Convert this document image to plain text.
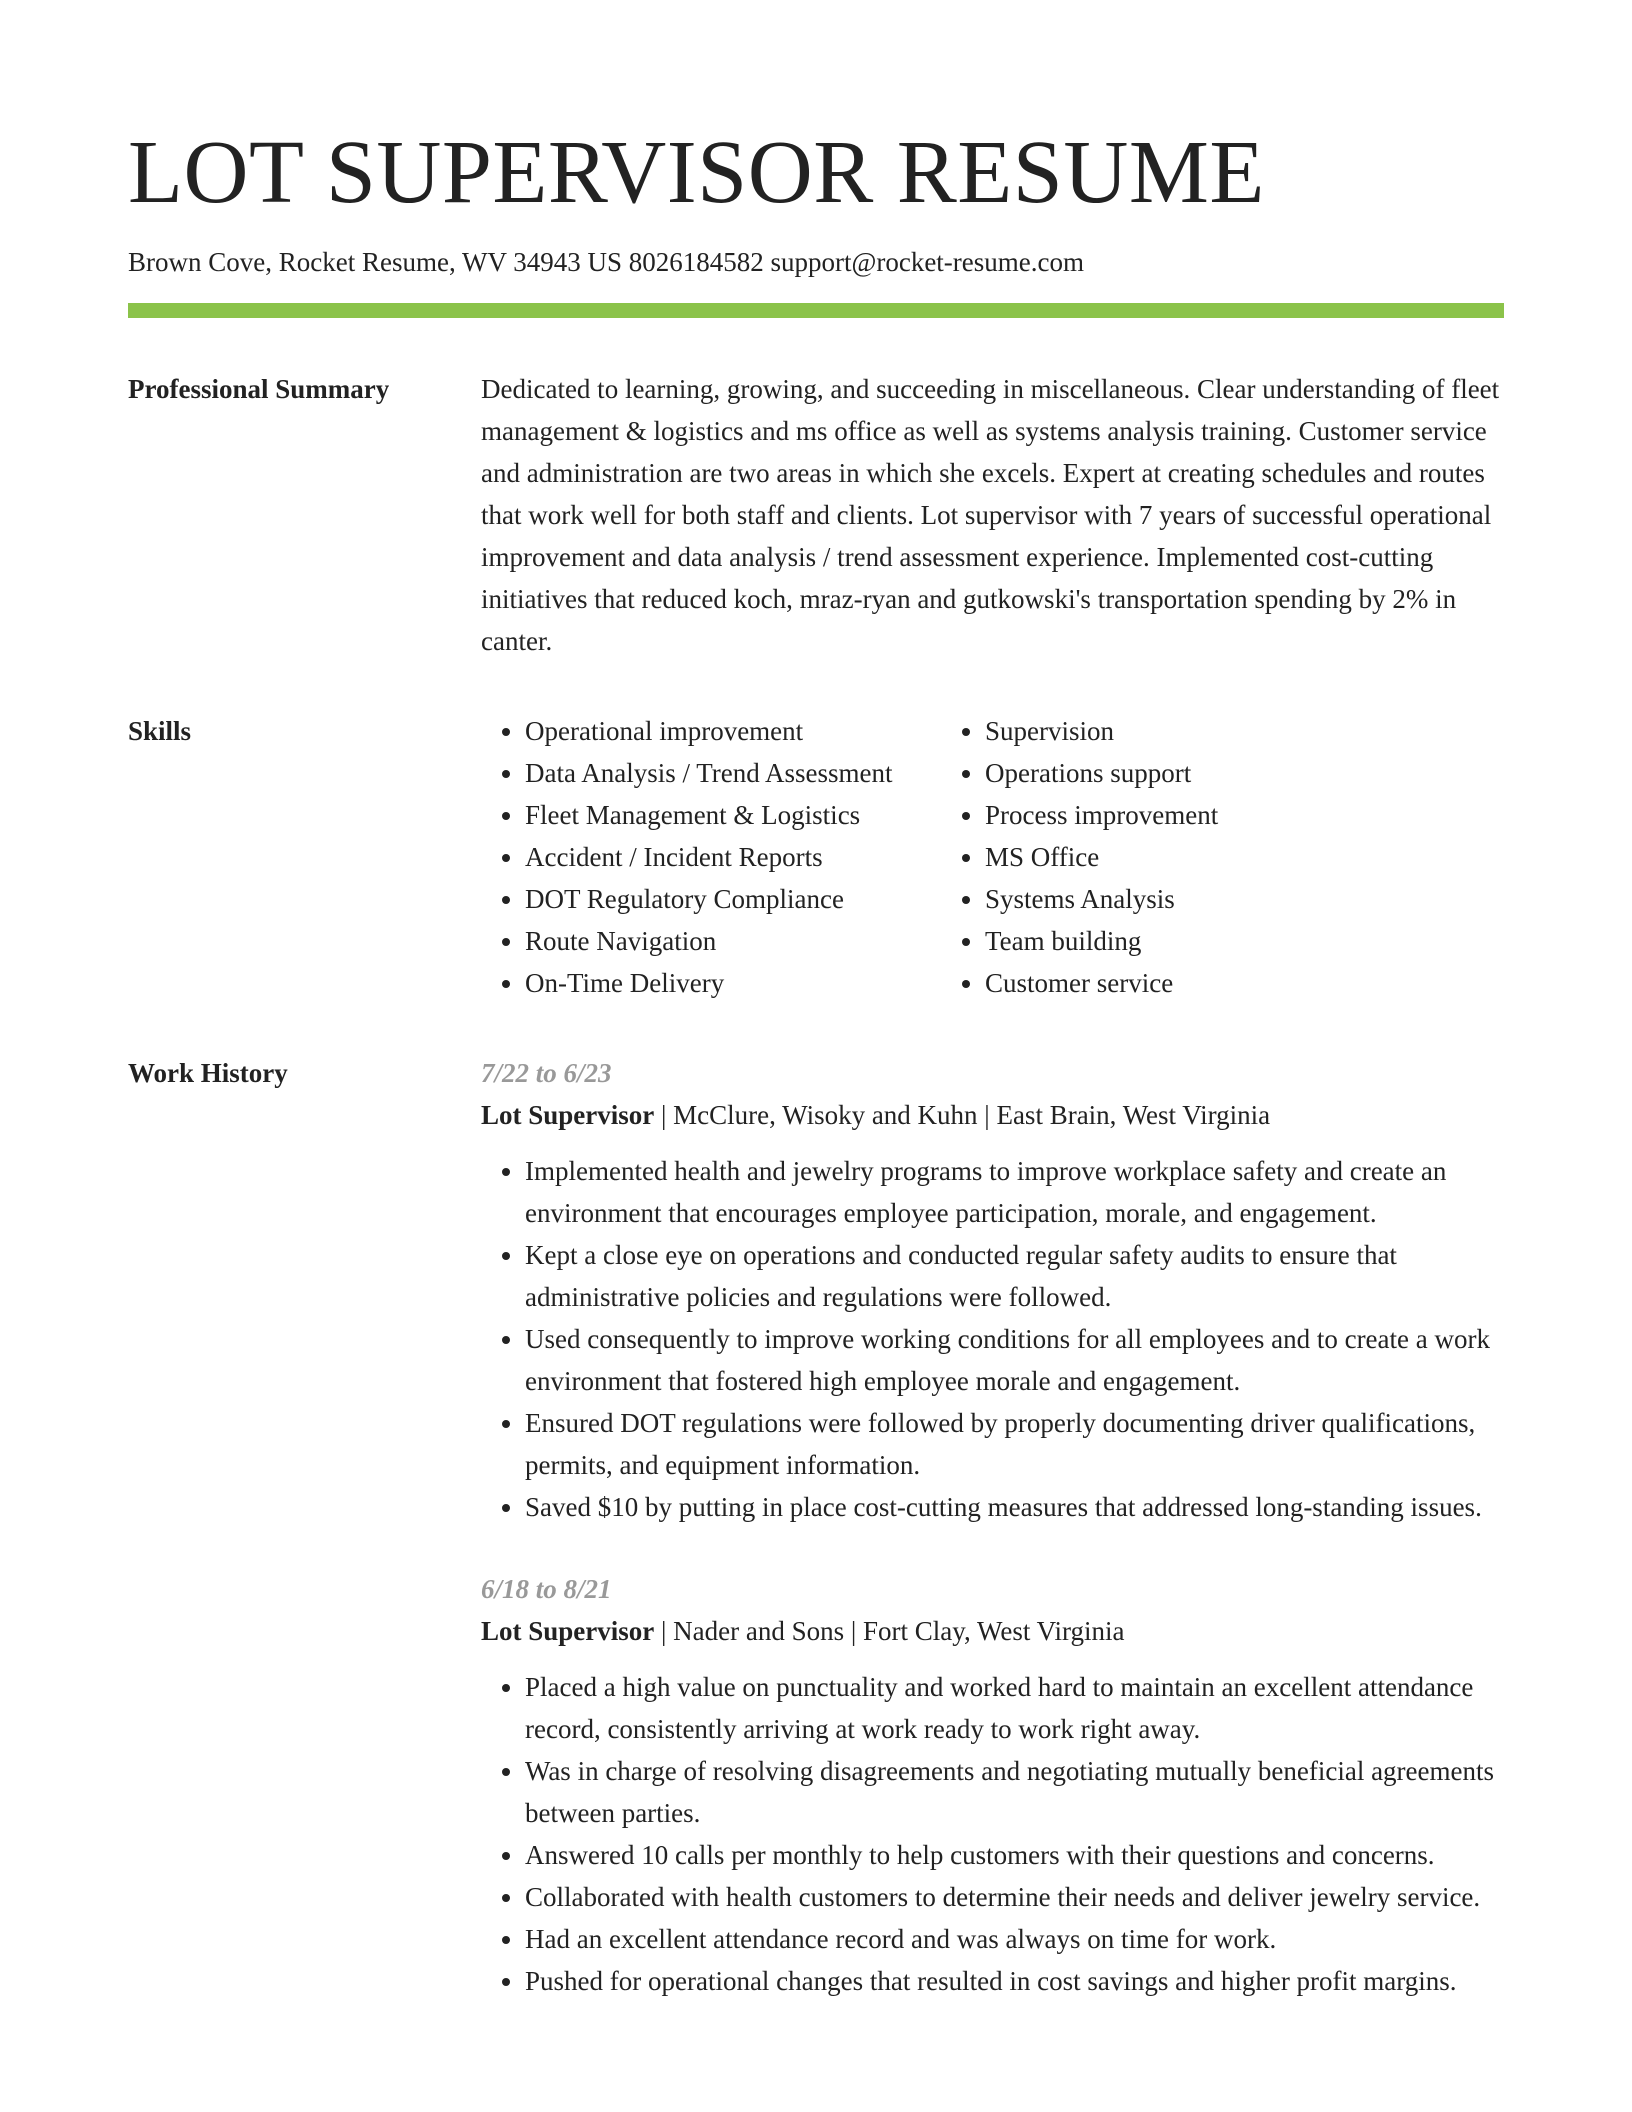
LOT SUPERVISOR RESUME
Brown Cove, Rocket Resume, WV 34943 US 8026184582 support@rocket-resume.com
Professional Summary	Dedicated to learning, growing, and succeeding in miscellaneous. Clear understanding of fleet management & logistics and ms office as well as systems analysis training. Customer service and administration are two areas in which she excels. Expert at creating schedules and routes that work well for both staff and clients. Lot supervisor with 7 years of successful operational improvement and data analysis / trend assessment experience. Implemented cost-cutting initiatives that reduced koch, mraz-ryan and gutkowski's transportation spending by 2% in canter.
Skills
•	Operational improvement
• Data Analysis / Trend Assessment
• Fleet Management & Logistics
• Accident / Incident Reports
• DOT Regulatory Compliance
• Route Navigation
• On-Time Delivery
• Supervision
• Operations support
• Process improvement
• MS Office
• Systems Analysis
• Team building
• Customer service
Work History	7/22 to 6/23
Lot Supervisor | McClure, Wisoky and Kuhn | East Brain, West Virginia
• Implemented health and jewelry programs to improve workplace safety and create an environment that encourages employee participation, morale, and engagement.
• Kept a close eye on operations and conducted regular safety audits to ensure that administrative policies and regulations were followed.
• Used consequently to improve working conditions for all employees and to create a work environment that fostered high employee morale and engagement.
• Ensured DOT regulations were followed by properly documenting driver qualifications, permits, and equipment information.
• Saved $10 by putting in place cost-cutting measures that addressed long-standing issues.
6/18 to 8/21
Lot Supervisor | Nader and Sons | Fort Clay, West Virginia
• Placed a high value on punctuality and worked hard to maintain an excellent attendance record, consistently arriving at work ready to work right away.
• Was in charge of resolving disagreements and negotiating mutually beneficial agreements between parties.
• Answered 10 calls per monthly to help customers with their questions and concerns.
• Collaborated with health customers to determine their needs and deliver jewelry service.
• Had an excellent attendance record and was always on time for work.
• Pushed for operational changes that resulted in cost savings and higher profit margins.
